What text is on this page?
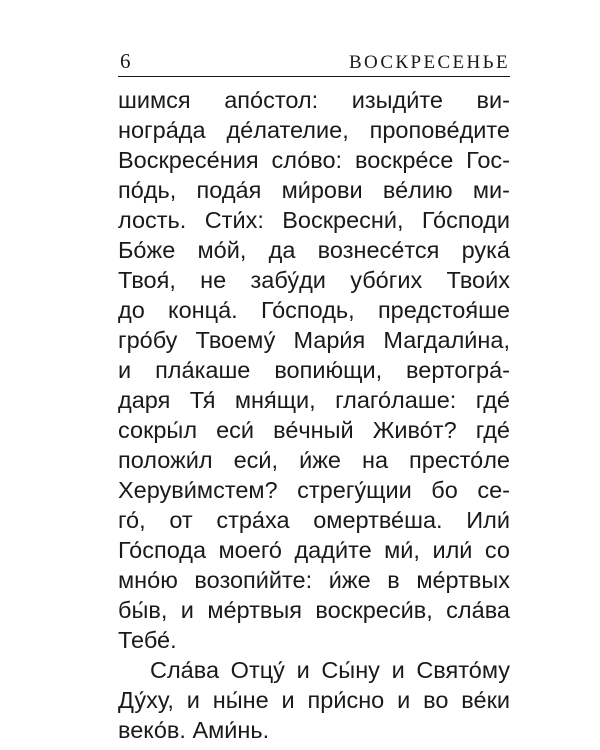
6	ВОСКРЕСЕНЬЕ
шимся апо́стол: изыди́те ви-
ногра́да де́лателие, пропове́дите
Воскресе́ния сло́во: воскре́се Гос-
по́дь, пода́я ми́рови ве́лию ми-
лость. Сти́х: Воскресни́, Го́споди
Бо́же мо́й, да вознесе́тся рука́
Твоя́, не забу́ди убо́гих Твои́х
до конца́. Го́сподь, предстоя́ше
гро́бу Твоему́ Мари́я Магдали́на,
и пла́каше вопию́щи, вертогра́-
даря Тя́ мня́щи, глаго́лаше: где́
сокры́л еси́ ве́чный Живо́т? где́
положи́л еси́, и́же на престо́ле
Херуви́мстем? стрегу́щии бо се-
го́, от стра́ха омертве́ша. Или́
Го́спода моего́ дади́те ми́, или́ со
мно́ю возопи́йте: и́же в ме́ртвых
бы́в, и ме́ртвыя воскреси́в, сла́ва
Тебе́.
Сла́ва Отцу́ и Сы́ну и Свято́му
Ду́ху, и ны́не и при́сно и во ве́ки
веко́в. Ами́нь.
